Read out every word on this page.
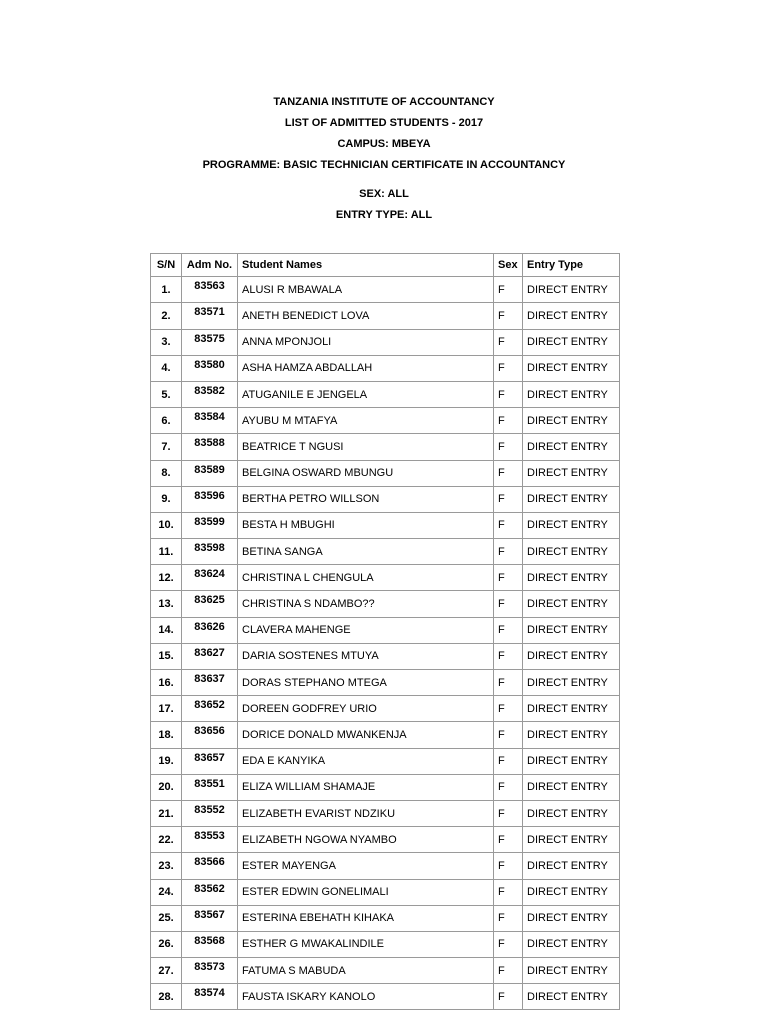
TANZANIA INSTITUTE OF ACCOUNTANCY
LIST OF ADMITTED STUDENTS - 2017
CAMPUS: MBEYA
PROGRAMME: BASIC TECHNICIAN CERTIFICATE IN ACCOUNTANCY
SEX: ALL
ENTRY TYPE: ALL
S/N	Adm No.	Student Names	Sex	Entry Type
1.	83563	ALUSI R MBAWALA	F	DIRECT ENTRY
2.	83571	ANETH BENEDICT LOVA	F	DIRECT ENTRY
3.	83575	ANNA MPONJOLI	F	DIRECT ENTRY
4.	83580	ASHA HAMZA ABDALLAH	F	DIRECT ENTRY
5.	83582	ATUGANILE E JENGELA	F	DIRECT ENTRY
6.	83584	AYUBU M MTAFYA	F	DIRECT ENTRY
7.	83588	BEATRICE T NGUSI	F	DIRECT ENTRY
8.	83589	BELGINA OSWARD MBUNGU	F	DIRECT ENTRY
9.	83596	BERTHA PETRO WILLSON	F	DIRECT ENTRY
10.	83599	BESTA H MBUGHI	F	DIRECT ENTRY
11.	83598	BETINA SANGA	F	DIRECT ENTRY
12.	83624	CHRISTINA L CHENGULA	F	DIRECT ENTRY
13.	83625	CHRISTINA S NDAMBO??	F	DIRECT ENTRY
14.	83626	CLAVERA MAHENGE	F	DIRECT ENTRY
15.	83627	DARIA SOSTENES MTUYA	F	DIRECT ENTRY
16.	83637	DORAS STEPHANO MTEGA	F	DIRECT ENTRY
17.	83652	DOREEN GODFREY URIO	F	DIRECT ENTRY
18.	83656	DORICE DONALD MWANKENJA	F	DIRECT ENTRY
19.	83657	EDA E KANYIKA	F	DIRECT ENTRY
20.	83551	ELIZA WILLIAM SHAMAJE	F	DIRECT ENTRY
21.	83552	ELIZABETH EVARIST NDZIKU	F	DIRECT ENTRY
22.	83553	ELIZABETH NGOWA NYAMBO	F	DIRECT ENTRY
23.	83566	ESTER MAYENGA	F	DIRECT ENTRY
24.	83562	ESTER EDWIN GONELIMALI	F	DIRECT ENTRY
25.	83567	ESTERINA EBEHATH KIHAKA	F	DIRECT ENTRY
26.	83568	ESTHER G MWAKALINDILE	F	DIRECT ENTRY
27.	83573	FATUMA S MABUDA	F	DIRECT ENTRY
28.	83574	FAUSTA ISKARY KANOLO	F	DIRECT ENTRY
